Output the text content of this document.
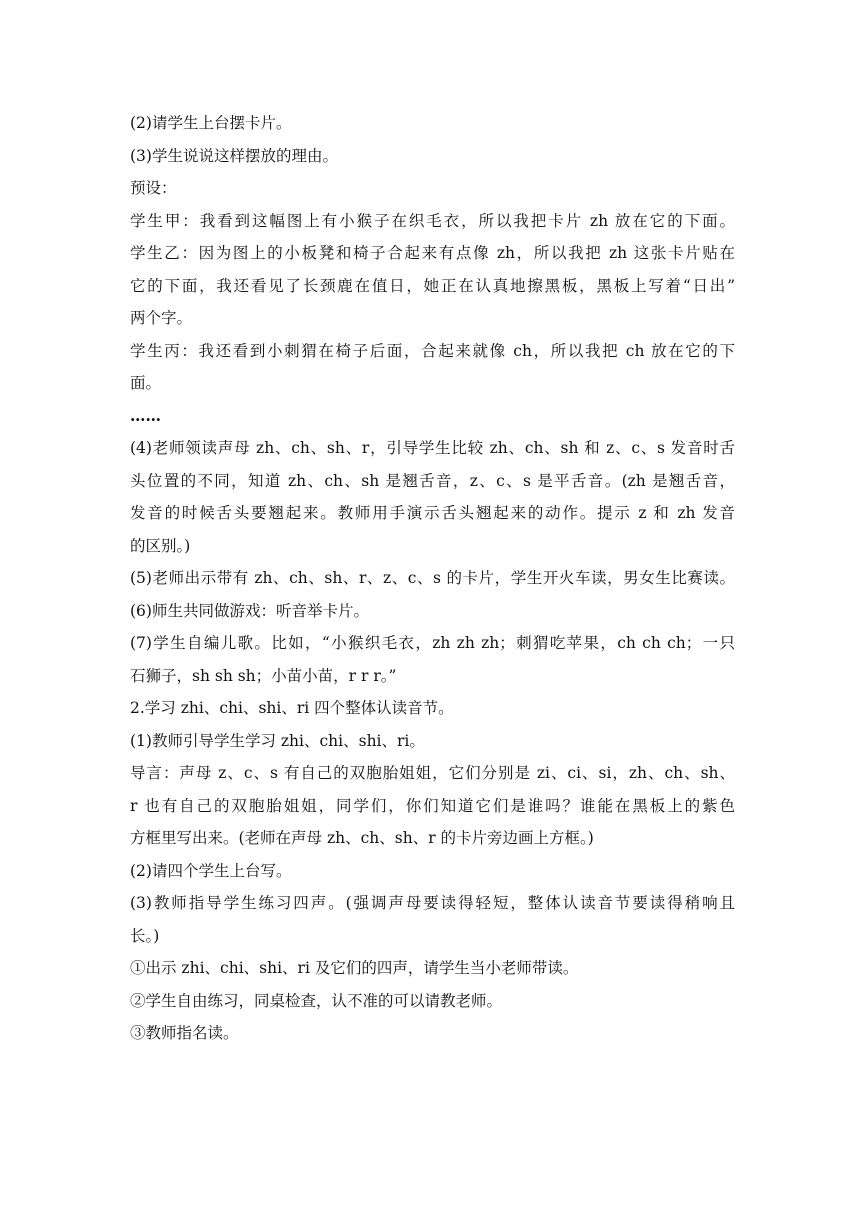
(2)请学生上台摆卡片。
(3)学生说说这样摆放的理由。
预设：
学生甲：我看到这幅图上有小猴子在织毛衣，所以我把卡片 zh 放在它的下面。
学生乙：因为图上的小板凳和椅子合起来有点像 zh，所以我把 zh 这张卡片贴在
它的下面，我还看见了长颈鹿在值日，她正在认真地擦黑板，黑板上写着“日出”
两个字。
学生丙：我还看到小刺猬在椅子后面，合起来就像 ch，所以我把 ch 放在它的下
面。
……
(4)老师领读声母 zh、ch、sh、r，引导学生比较 zh、ch、sh 和 z、c、s 发音时舌
头位置的不同，知道 zh、ch、sh 是翘舌音，z、c、s 是平舌音。(zh 是翘舌音，
发音的时候舌头要翘起来。教师用手演示舌头翘起来的动作。提示 z 和 zh 发音
的区别。)
(5)老师出示带有 zh、ch、sh、r、z、c、s 的卡片，学生开火车读，男女生比赛读。
(6)师生共同做游戏：听音举卡片。
(7)学生自编儿歌。比如，“小猴织毛衣，zh zh zh；刺猬吃苹果，ch ch ch；一只
石狮子，sh sh sh；小苗小苗，r r r。”
2.学习 zhi、chi、shi、ri 四个整体认读音节。
(1)教师引导学生学习 zhi、chi、shi、ri。
导言：声母 z、c、s 有自己的双胞胎姐姐，它们分别是 zi、ci、si，zh、ch、sh、
r 也有自己的双胞胎姐姐，同学们，你们知道它们是谁吗？谁能在黑板上的紫色
方框里写出来。(老师在声母 zh、ch、sh、r 的卡片旁边画上方框。)
(2)请四个学生上台写。
(3)教师指导学生练习四声。(强调声母要读得轻短，整体认读音节要读得稍响且
长。)
①出示 zhi、chi、shi、ri 及它们的四声，请学生当小老师带读。
②学生自由练习，同桌检查，认不准的可以请教老师。
③教师指名读。
